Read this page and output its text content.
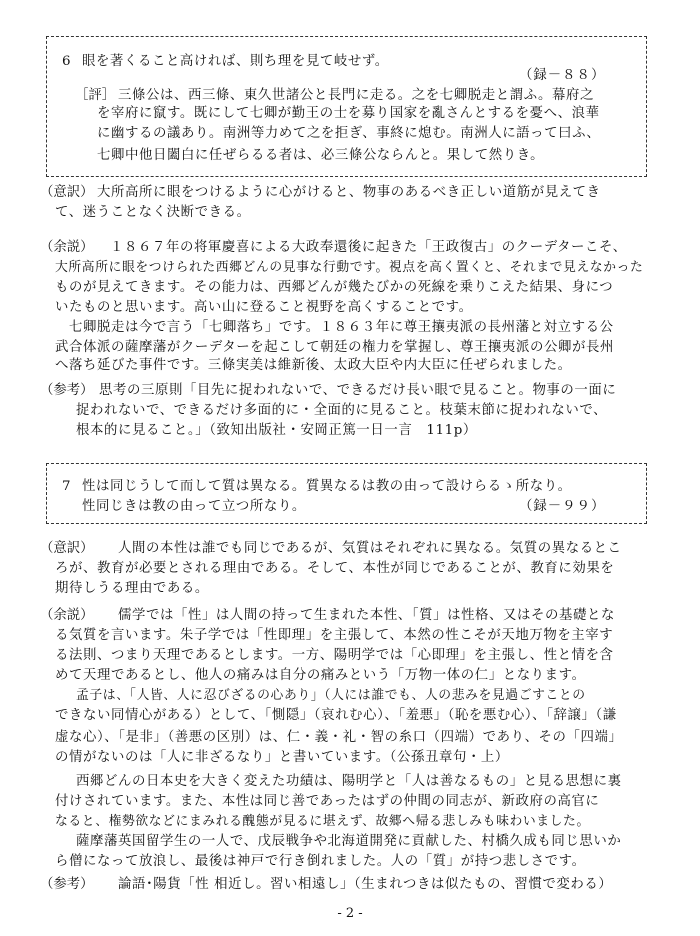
6 眼を著くること高ければ、則ち理を見て岐せず。
（録－８８）
［評］ 三條公は、西三條、東久世諸公と長門に走る。之を七卿脱走と謂ふ。幕府之
を宰府に竄す。既にして七卿が勤王の士を募り国家を亂さんとするを憂へ、浪華
に幽するの議あり。南洲等力めて之を拒ぎ、事終に熄む。南洲人に語って曰ふ、
七卿中他日闔白に任ぜらるる者は、必三條公ならんと。果して然りき。
（意訳） 大所高所に眼をつけるように心がけると、物事のあるべき正しい道筋が見えてき
て、迷うことなく決断できる。
（余説） １８６７年の将軍慶喜による大政奉還後に起きた「王政復古」のクーデターこそ、
大所高所に眼をつけられた西郷どんの見事な行動です。視点を高く置くと、それまで見えなかった
ものが見えてきます。その能力は、西郷どんが幾たびかの死線を乗りこえた結果、身につ
いたものと思います。高い山に登ること視野を高くすることです。
七卿脱走は今で言う「七卿落ち」です。１８６３年に尊王攘夷派の長州藩と対立する公
武合体派の薩摩藩がクーデターを起こして朝廷の権力を掌握し、尊王攘夷派の公卿が長州
へ落ち延びた事件です。三條実美は維新後、太政大臣や内大臣に任ぜられました。
（参考） 思考の三原則「目先に捉われないで、できるだけ長い眼で見ること。物事の一面に
捉われないで、できるだけ多面的に・全面的に見ること。枝葉末節に捉われないで、
根本的に見ること。」（致知出版社・安岡正篤一日一言　111p）
7 性は同じうして而して質は異なる。質異なるは教の由って設けらるゝ所なり。
性同じきは教の由って立つ所なり。	（録－９９）
（意訳） 人間の本性は誰でも同じであるが、気質はそれぞれに異なる。気質の異なるとこ
ろが、教育が必要とされる理由である。そして、本性が同じであることが、教育に効果を
期待しうる理由である。
（余説） 儒学では「性」は人間の持って生まれた本性、「質」は性格、又はその基礎とな
る気質を言います。朱子学では「性即理」を主張して、本然の性こそが天地万物を主宰す
る法則、つまり天理であるとします。一方、陽明学では「心即理」を主張し、性と情を含
めて天理であるとし、他人の痛みは自分の痛みという「万物一体の仁」となります。
孟子は、「人皆、人に忍びざるの心あり」（人には誰でも、人の悲みを見過ごすことの
できない同情心がある）として、「惻隠」（哀れむ心）、「羞悪」（恥を悪む心）、「辞譲」（謙
虚な心）、「是非」（善悪の区別）は、仁・義・礼・智の糸口（四端）であり、その「四端」
の情がないのは「人に非ざるなり」と書いています。（公孫丑章句・上）
西郷どんの日本史を大きく変えた功績は、陽明学と「人は善なるもの」と見る思想に裏
付けされています。また、本性は同じ善であったはずの仲間の同志が、新政府の高官に
なると、権勢欲などにまみれる醜態が見るに堪えず、故郷へ帰る悲しみも味わいました。
薩摩藩英国留学生の一人で、戊辰戦争や北海道開発に貢献した、村橋久成も同じ思いか
ら僧になって放浪し、最後は神戸で行き倒れました。人の「質」が持つ悲しさです。
（参考） 論語･陽貨「性 相近し。習い相遠し」（生まれつきは似たもの、習慣で変わる）
- 2 -
